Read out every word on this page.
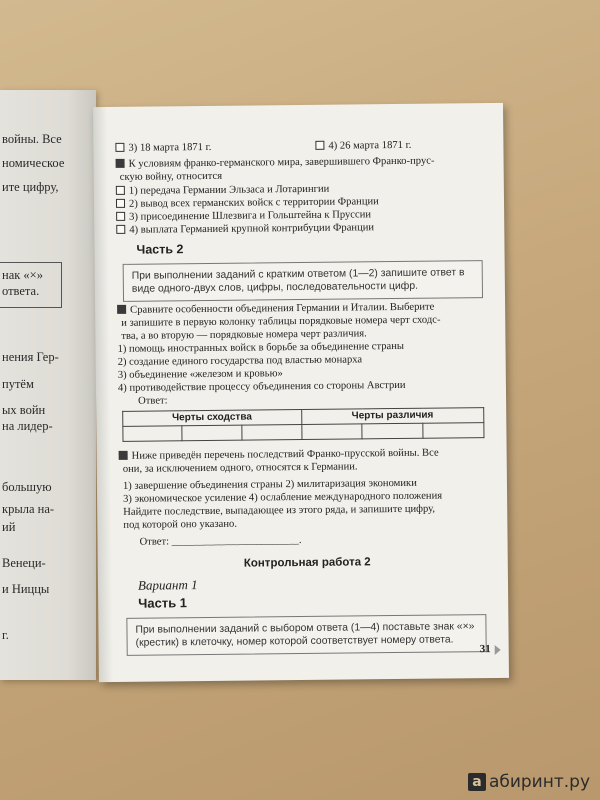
войны. Все
номическое
ите цифру,
нак «×»
ответа.
нения Гер-
путём
ых войн
на лидер-
большую
крыла на-
ий
Венеци-
и Ниццы
г.
3) 18 марта 1871 г.	4) 26 марта 1871 г.
К условиям франко-германского мира, завершившего Франко-прус-
скую войну, относится
1) передача Германии Эльзаса и Лотарингии
2) вывод всех германских войск с территории Франции
3) присоединение Шлезвига и Гольштейна к Пруссии
4) выплата Германией крупной контрибуции Франции
Часть 2
При выполнении заданий с кратким ответом (1—2) запишите ответ в виде одного-двух слов, цифры, последовательности цифр.
Сравните особенности объединения Германии и Италии. Выберите
и запишите в первую колонку таблицы порядковые номера черт сходс-
тва, а во вторую — порядковые номера черт различия.
1) помощь иностранных войск в борьбе за объединение страны
2) создание единого государства под властью монарха
3) объединение «железом и кровью»
4) противодействие процессу объединения со стороны Австрии
Ответ:
Черты сходства			Черты различия		

Ниже приведён перечень последствий Франко-прусской войны. Все
они, за исключением одного, относятся к Германии.
1) завершение объединения страны 2) милитаризация экономики
3) экономическое усиление 4) ослабление международного положения
Найдите последствие, выпадающее из этого ряда, и запишите цифру,
под которой оно указано.
Ответ: ________________________.
Контрольная работа 2
Вариант 1
Часть 1
При выполнении заданий с выбором ответа (1—4) поставьте знак «×» (крестик) в клеточку, номер которой соответствует номеру ответа.
31
a абиринт.ру
